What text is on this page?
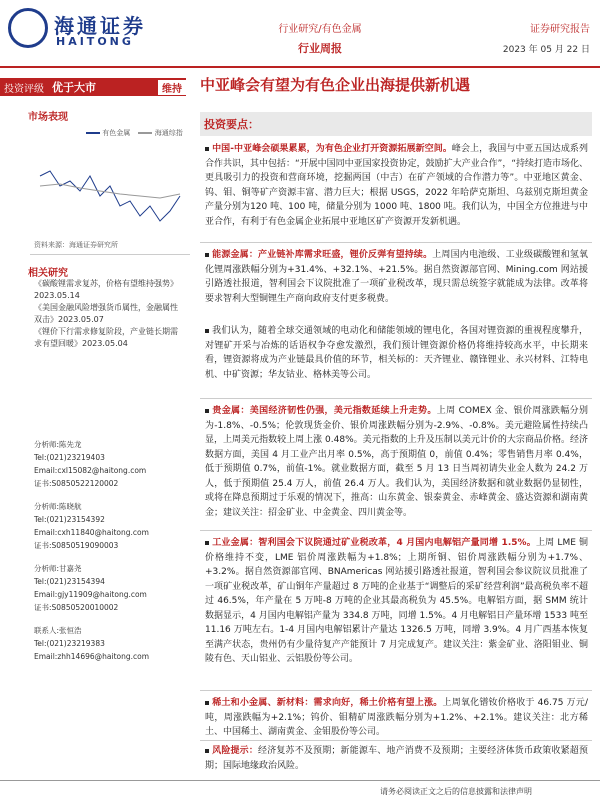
海通证券
HAITONG
行业研究/有色金属
行业周报
证券研究报告
2023 年 05 月 22 日
投资评级 优于大市	维持 中亚峰会有望为有色企业出海提供新机遇
市场表现
有色金属	海通综指
资料来源：海通证券研究所
相关研究
《碳酸锂需求复苏，价格有望维持强势》2023.05.14
《美国金融风险增强货币属性，金融属性双击》2023.05.07
《锂价下行需求修复阶段，产业链长期需求有望回暖》2023.05.04
分析师:陈先龙
Tel:(021)23219403
Email:cxl15082@haitong.com
证书:S0850522120002
分析师:陈晓航
Tel:(021)23154392
Email:cxh11840@haitong.com
证书:S0850519090003
分析师:甘嘉尧
Tel:(021)23154394
Email:gjy11909@haitong.com
证书:S0850520010002
联系人:张恒浩
Tel:(021)23219383
Email:zhh14696@haitong.com
投资要点：
中国-中亚峰会硕果累累，为有色企业打开资源拓展新空间。峰会上，我国与中亚五国达成系列合作共识，其中包括：“开展中国同中亚国家投资协定，鼓励扩大产业合作”，“持续打造市场化、更具吸引力的投资和营商环境，挖掘两国（中吉）在矿产领域的合作潜力等”。中亚地区黄金、钨、钼、铜等矿产资源丰富、潜力巨大；根据 USGS，2022 年哈萨克斯坦、乌兹别克斯坦黄金产量分别为120 吨、100 吨，储量分别为 1000 吨、1800 吨。我们认为，中国全方位推进与中亚合作，有利于有色金属企业拓展中亚地区矿产资源开发新机遇。
能源金属：产业链补库需求旺盛，锂价反弹有望持续。上周国内电池级、工业级碳酸锂和氢氧化锂周涨跌幅分别为+31.4%、+32.1%、+21.5%。据自然资源部官网、Mining.com 网站援引路透社报道，智利国会下议院批准了一项矿业税改革，现只需总统签字就能成为法律。改革将要求智利大型铜锂生产商向政府支付更多税费。
我们认为，随着全球交通领域的电动化和储能领域的锂电化，各国对锂资源的重视程度攀升，对锂矿开采与冶炼的话语权争夺愈发激烈，我们预计锂资源价格仍将维持较高水平，中长期来看，锂资源将成为产业链最具价值的环节，相关标的：天齐锂业、赣锋锂业、永兴材料、江特电机、中矿资源；华友钴业、格林美等公司。
贵金属：美国经济韧性仍强，美元指数延续上升走势。上周 COMEX 金、银价周涨跌幅分别为-1.8%、-0.5%；伦敦现货金价、银价周涨跌幅分别为-2.9%、-0.8%。美元避险属性持续凸显，上周美元指数较上周上涨 0.48%。美元指数的上升及压制以美元计价的大宗商品价格。经济数据方面，美国 4 月工业产出月率 0.5%，高于预期值 0，前值 0.4%；零售销售月率 0.4%，低于预期值 0.7%，前值-1%。就业数据方面，截至 5 月 13 日当周初请失业金人数为 24.2 万人，低于预期值 25.4 万人，前值 26.4 万人。我们认为，美国经济数据和就业数据仍显韧性，或将在降息预期过于乐观的情况下，推高：山东黄金、银泰黄金、赤峰黄金、盛达资源和湖南黄金；建议关注：招金矿业、中金黄金、四川黄金等。
工业金属：智利国会下议院通过矿业税改革，4 月国内电解铝产量同增 1.5%。上周 LME 铜价格维持不变，LME 铝价周涨跌幅为+1.8%；上期所铜、铝价周涨跌幅分别为+1.7%、+3.2%。据自然资源部官网、BNAmericas 网站援引路透社报道，智利国会参议院议员批准了一项矿业税改革，矿山铜年产量超过 8 万吨的企业基于“调整后的采矿经营利润”最高税负率不超过 46.5%，年产量在 5 万吨-8 万吨的企业其最高税负为 45.5%。电解铝方面，据 SMM 统计数据显示，4 月国内电解铝产量为 334.8 万吨，同增 1.5%。4 月电解铝日产量环增 1533 吨至 11.16 万吨左右。1-4 月国内电解铝累计产量达 1326.5 万吨，同增 3.9%。4 月广西基本恢复至满产状态，贵州仍有少量待复产产能预计 7 月完成复产。建议关注：紫金矿业、洛阳钼业、铜陵有色、天山铝业、云铝股份等公司。
稀土和小金属、新材料：需求向好，稀土价格有望上涨。上周氧化镨钕价格收于 46.75 万元/吨，周涨跌幅为+2.1%；钨价、钼精矿周涨跌幅分别为+1.2%、+2.1%。建议关注：北方稀土、中国稀土、湖南黄金、金钼股份等公司。
风险提示：经济复苏不及预期；新能源车、地产消费不及预期；主要经济体货币政策收紧超预期；国际地缘政治风险。
请务必阅读正文之后的信息披露和法律声明
